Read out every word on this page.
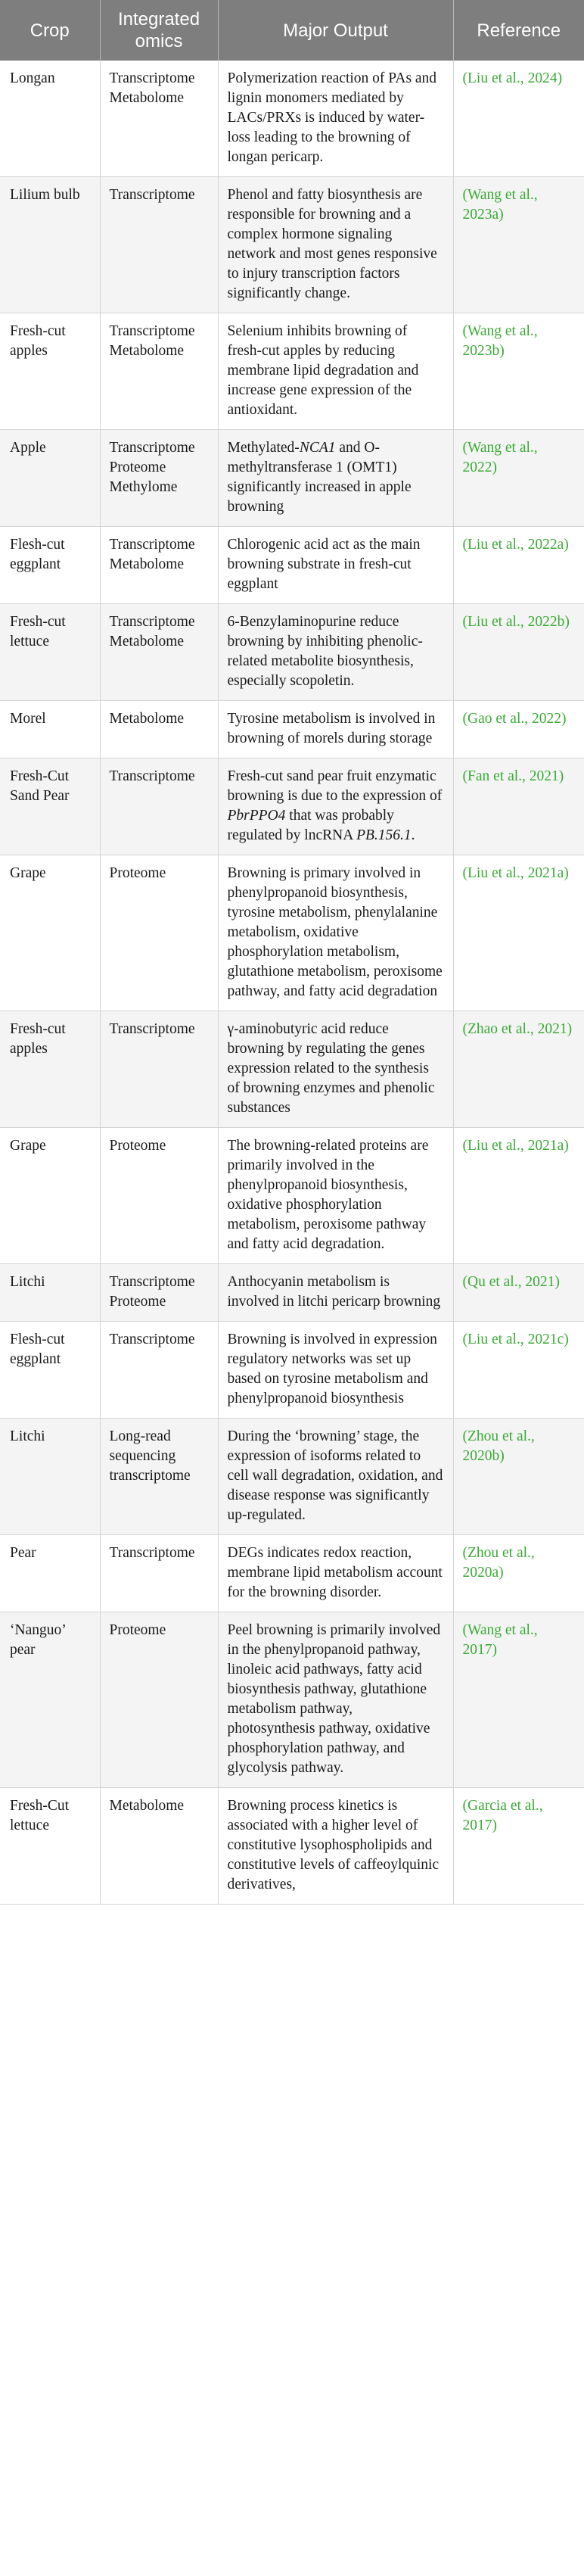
Crop	Integrated omics	Major Output	Reference
Longan	Transcriptome Metabolome	Polymerization reaction of PAs and lignin monomers mediated by LACs/PRXs is induced by water-loss leading to the browning of longan pericarp.	(Liu et al., 2024)
Lilium bulb	Transcriptome	Phenol and fatty biosynthesis are responsible for browning and a complex hormone signaling network and most genes responsive to injury transcription factors significantly change.	(Wang et al., 2023a)
Fresh-cut apples	Transcriptome Metabolome	Selenium inhibits browning of fresh-cut apples by reducing membrane lipid degradation and increase gene expression of the antioxidant.	(Wang et al., 2023b)
Apple	Transcriptome Proteome Methylome	Methylated-NCA1 and O-methyltransferase 1 (OMT1) significantly increased in apple browning	(Wang et al., 2022)
Flesh-cut eggplant	Transcriptome Metabolome	Chlorogenic acid act as the main browning substrate in fresh-cut eggplant	(Liu et al., 2022a)
Fresh-cut lettuce	Transcriptome Metabolome	6-Benzylaminopurine reduce browning by inhibiting phenolic-related metabolite biosynthesis, especially scopoletin.	(Liu et al., 2022b)
Morel	Metabolome	Tyrosine metabolism is involved in browning of morels during storage	(Gao et al., 2022)
Fresh-Cut Sand Pear	Transcriptome	Fresh-cut sand pear fruit enzymatic browning is due to the expression of PbrPPO4 that was probably regulated by lncRNA PB.156.1.	(Fan et al., 2021)
Grape	Proteome	Browning is primary involved in phenylpropanoid biosynthesis, tyrosine metabolism, phenylalanine metabolism, oxidative phosphorylation metabolism, glutathione metabolism, peroxisome pathway, and fatty acid degradation	(Liu et al., 2021a)
Fresh-cut apples	Transcriptome	γ-aminobutyric acid reduce browning by regulating the genes expression related to the synthesis of browning enzymes and phenolic substances	(Zhao et al., 2021)
Grape	Proteome	The browning-related proteins are primarily involved in the phenylpropanoid biosynthesis, oxidative phosphorylation metabolism, peroxisome pathway and fatty acid degradation.	(Liu et al., 2021a)
Litchi	Transcriptome Proteome	Anthocyanin metabolism is involved in litchi pericarp browning	(Qu et al., 2021)
Flesh-cut eggplant	Transcriptome	Browning is involved in expression regulatory networks was set up based on tyrosine metabolism and phenylpropanoid biosynthesis	(Liu et al., 2021c)
Litchi	Long-read sequencing transcriptome	During the ‘browning’ stage, the expression of isoforms related to cell wall degradation, oxidation, and disease response was significantly up-regulated.	(Zhou et al., 2020b)
Pear	Transcriptome	DEGs indicates redox reaction, membrane lipid metabolism account for the browning disorder.	(Zhou et al., 2020a)
‘Nanguo’ pear	Proteome	Peel browning is primarily involved in the phenylpropanoid pathway, linoleic acid pathways, fatty acid biosynthesis pathway, glutathione metabolism pathway, photosynthesis pathway, oxidative phosphorylation pathway, and glycolysis pathway.	(Wang et al., 2017)
Fresh-Cut lettuce	Metabolome	Browning process kinetics is associated with a higher level of constitutive lysophospholipids and constitutive levels of caffeoylquinic derivatives,	(Garcia et al., 2017)
